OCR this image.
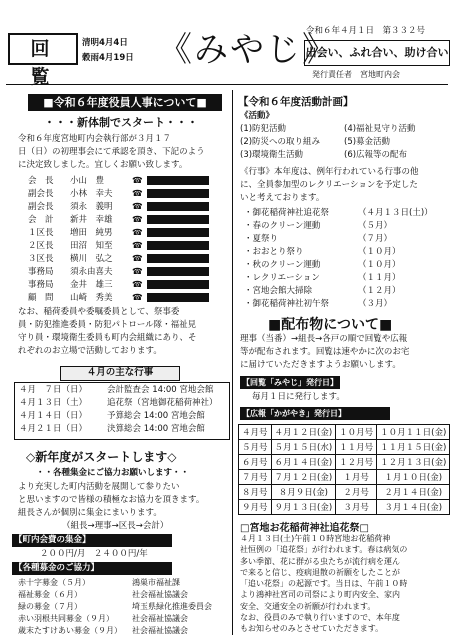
回　覧
清明4月4日
穀雨4月19日 《みやじ》
令和６年４月１日　第３３２号
出会い、ふれ合い、助け合い
発行責任者　宮地町内会
■令和６年度役員人事について■
・・・新体制でスタート・・・
令和６年度宮地町内会執行部が３月１７
日（日）の初理事会にて承認を頂き、下記のよう
に決定致しました。宜しくお願い致します。
会　長 小山　豊	☎
副会長 小林　幸夫 ☎
副会長 須永　義明 ☎
会　計 新井　幸雄 ☎
１区長 増田　純男 ☎
２区長 田沼　知至 ☎
３区長 横川　弘之 ☎
事務局 須永由喜夫 ☎
事務局 金井　雄三 ☎
顧　問 山崎　秀美 ☎
なお、稲荷委員や委嘱委員として、祭事委
員・防犯推進委員・防犯パトロール隊・福祉見
守り員・環境衛生委員も町内会組織にあり、そ
れぞれのお立場で活動しております。
４月の主な行事
４月　７日（日） 会計監査会 14:00 宮地会館
４月１３日（土） 追花祭（宮地御花稲荷神社）
４月１４日（日） 予算総会 14:00 宮地会館
４月２１日（日） 決算総会 14:00 宮地会館
◇新年度がスタートします◇
・・各種集金にご協力お願いします・・
より充実した町内活動を展開して参りたい
と思いますので皆様の積極なお協力を頂きます。
組長さんが個別に集金にまいります。
（組長→理事→区長→会計）
【町内会費の集金】
２００円/月　２４００円/年
【各種募金のご協力】
赤十字募金（５月）	鴻巣市福祉課
福祉募金（６月）	社会福祉協議会
緑の募金（７月）	埼玉県緑化推進委員会
赤い羽根共同募金（９月） 社会福祉協議会
歳末たすけあい募金（９月） 社会福祉協議会
【令和６年度活動計画】
《活動》
(1)防犯活動	(4)福祉見守り活動
(2)防災への取り組み	(5)募金活動
(3)環境衛生活動	(6)広報等の配布
《行事》本年度は、例年行われている行事の他
に、全員参加型のレクリエーションを予定した
いと考えております。
・御花稲荷神社追花祭	（４月１３日(土)）
・春のクリーン運動	（５月）
・夏祭り	（７月）
・おおとり祭り	（１０月）
・秋のクリーン運動	（１０月）
・レクリエーション	（１１月）
・宮地会館大掃除	（１２月）
・御花稲荷神社初午祭	（３月）
■配布物について■
理事（当番）→組長→各戸の順で回覧や広報
等が配布されます。回覧は速やかに次のお宅
に届けていただきますようお願いします。
【回覧「みやじ」発行日】
毎月１日に発行します。
【広報「かがやき」発行日】
４月号	４月１２日(金)	１０月号	１０月１１日(金)
５月号	５月１５日(水)	１１月号	１１月１５日(金)
６月号	６月１４日(金)	１２月号	１２月１３日(金)
７月号	７月１２日(金)	１月号	１月１０日(金)
８月号	８月９日(金)	２月号	２月１４日(金)
９月号	９月１３日(金)	３月号	３月１４日(金)
□宮地お花稲荷神社追花祭□
４月１３日(土)午前１０時宮地お花稲荷神
社恒例の「追花祭」が行われます。春は病気の
多い季節、花に群がる虫たちが流行病を運ん
で来ると信じ、疫病退散の祈願をしたことが
「追い花祭」の起源です。当日は、午前１０時
より鴻神社宮司の司祭により町内安全、家内
安全、交通安全の祈願が行われます。
なお、役員のみで執り行いますので、本年度
もお知らせのみとさせていただきます。
